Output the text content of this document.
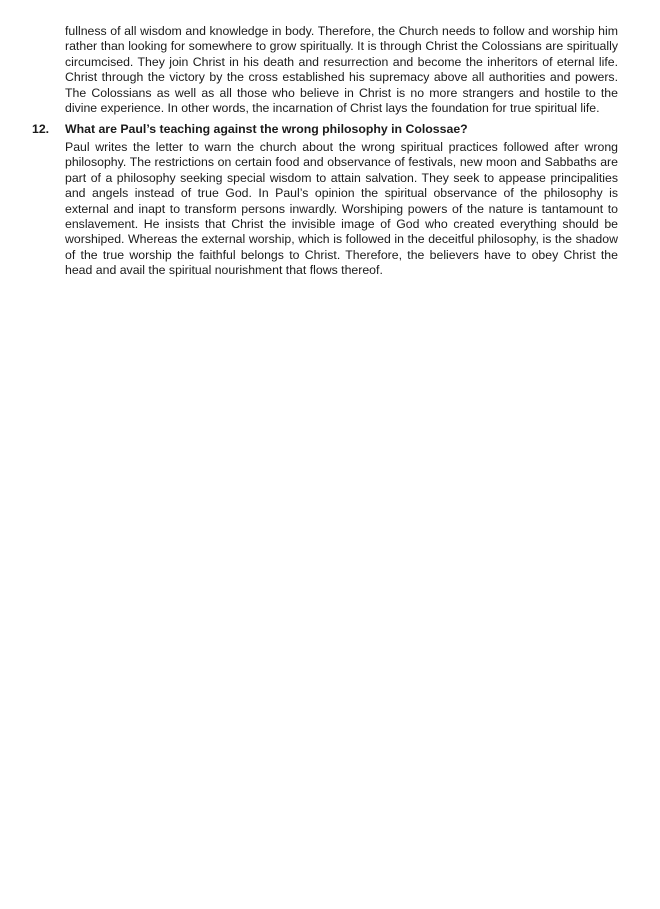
fullness of all wisdom and knowledge in body. Therefore, the Church needs to follow and worship him rather than looking for somewhere to grow spiritually. It is through Christ the Colossians are spiritually circumcised. They join Christ in his death and resurrection and become the inheritors of eternal life. Christ through the victory by the cross established his supremacy above all authorities and powers. The Colossians as well as all those who believe in Christ is no more strangers and hostile to the divine experience. In other words, the incarnation of Christ lays the foundation for true spiritual life.

12. What are Paul’s teaching against the wrong philosophy in Colossae?

Paul writes the letter to warn the church about the wrong spiritual practices followed after wrong philosophy. The restrictions on certain food and observance of festivals, new moon and Sabbaths are part of a philosophy seeking special wisdom to attain salvation. They seek to appease principalities and angels instead of true God. In Paul’s opinion the spiritual observance of the philosophy is external and inapt to transform persons inwardly. Worshiping powers of the nature is tantamount to enslavement. He insists that Christ the invisible image of God who created everything should be worshiped. Whereas the external worship, which is followed in the deceitful philosophy, is the shadow of the true worship the faithful belongs to Christ. Therefore, the believers have to obey Christ the head and avail the spiritual nourishment that flows thereof.
